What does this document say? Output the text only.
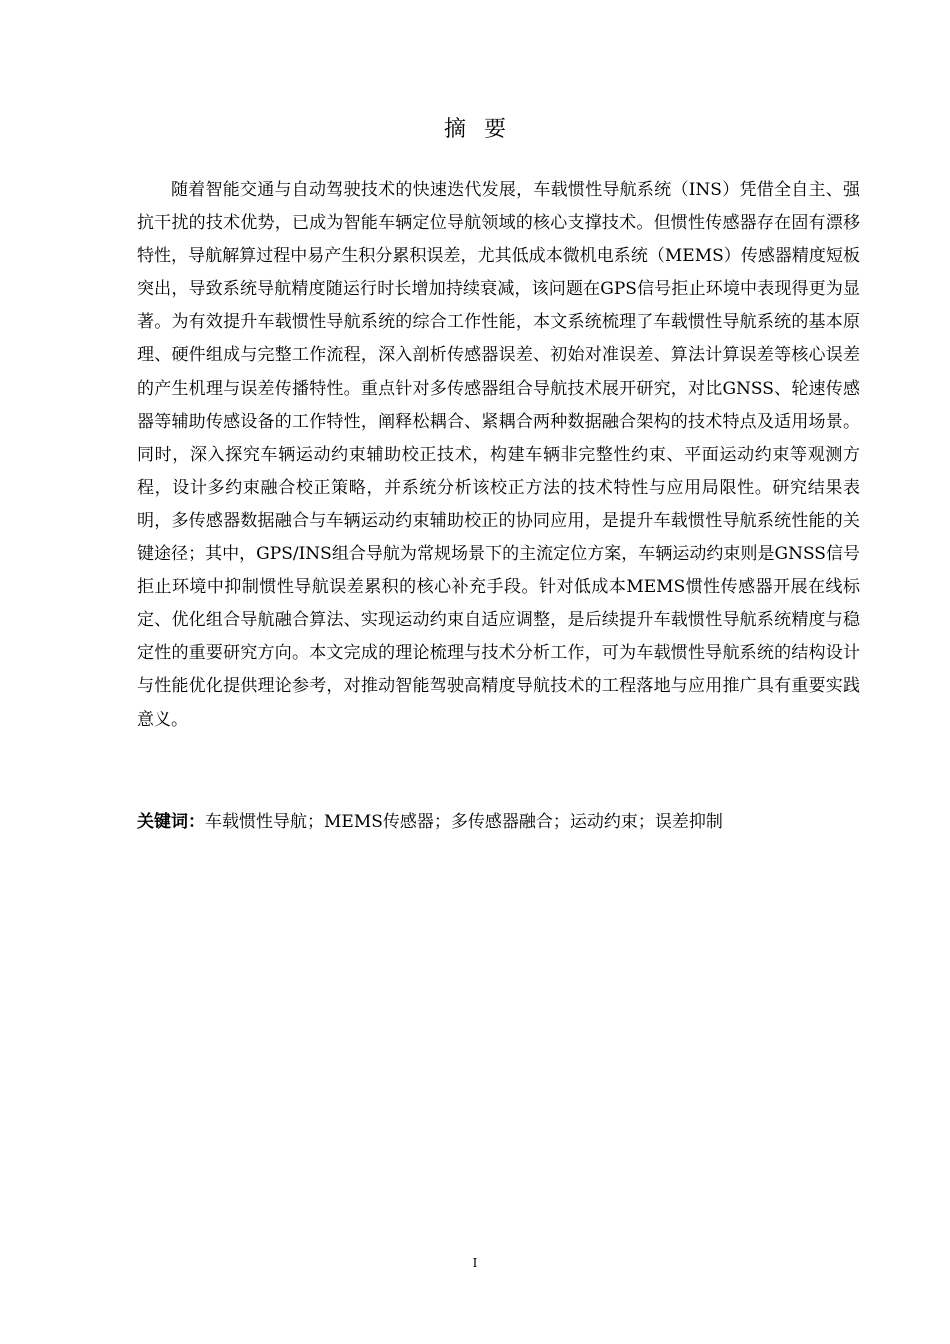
摘要

随着智能交通与自动驾驶技术的快速迭代发展，车载惯性导航系统（INS）凭借全自主、强抗干扰的技术优势，已成为智能车辆定位导航领域的核心支撑技术。但惯性传感器存在固有漂移特性，导航解算过程中易产生积分累积误差，尤其低成本微机电系统（MEMS）传感器精度短板突出，导致系统导航精度随运行时长增加持续衰减，该问题在GPS信号拒止环境中表现得更为显著。为有效提升车载惯性导航系统的综合工作性能，本文系统梳理了车载惯性导航系统的基本原理、硬件组成与完整工作流程，深入剖析传感器误差、初始对准误差、算法计算误差等核心误差的产生机理与误差传播特性。重点针对多传感器组合导航技术展开研究，对比GNSS、轮速传感器等辅助传感设备的工作特性，阐释松耦合、紧耦合两种数据融合架构的技术特点及适用场景。同时，深入探究车辆运动约束辅助校正技术，构建车辆非完整性约束、平面运动约束等观测方程，设计多约束融合校正策略，并系统分析该校正方法的技术特性与应用局限性。研究结果表明，多传感器数据融合与车辆运动约束辅助校正的协同应用，是提升车载惯性导航系统性能的关键途径；其中，GPS/INS组合导航为常规场景下的主流定位方案，车辆运动约束则是GNSS信号拒止环境中抑制惯性导航误差累积的核心补充手段。针对低成本MEMS惯性传感器开展在线标定、优化组合导航融合算法、实现运动约束自适应调整，是后续提升车载惯性导航系统精度与稳定性的重要研究方向。本文完成的理论梳理与技术分析工作，可为车载惯性导航系统的结构设计与性能优化提供理论参考，对推动智能驾驶高精度导航技术的工程落地与应用推广具有重要实践意义。

关键词：车载惯性导航；MEMS传感器；多传感器融合；运动约束；误差抑制

I
